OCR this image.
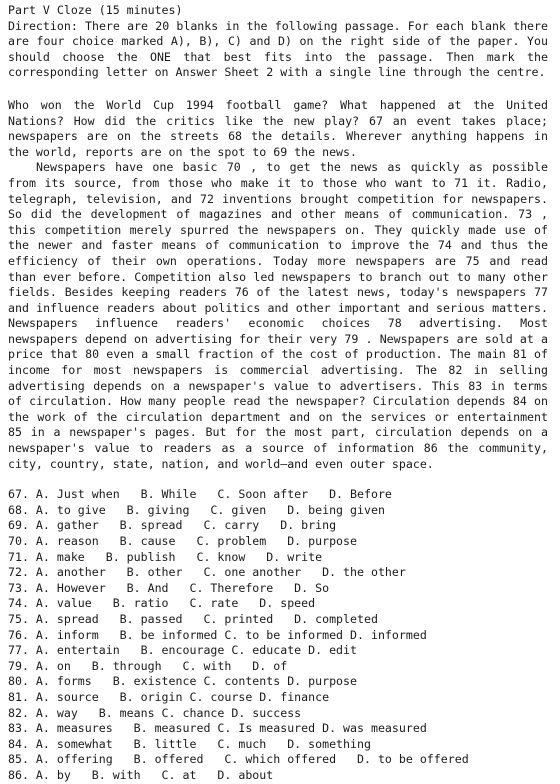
Part V Cloze (15 minutes)

Direction: There are 20 blanks in the following passage. For each blank there are four choice marked A), B), C) and D) on the right side of the paper. You should choose the ONE that best fits into the passage. Then mark the corresponding letter on Answer Sheet 2 with a single line through the centre.

Who won the World Cup 1994 football game? What happened at the United Nations? How did the critics like the new play? 67 an event takes place; newspapers are on the streets 68 the details. Wherever anything happens in the world, reports are on the spot to 69 the news.

Newspapers have one basic 70 , to get the news as quickly as possible from its source, from those who make it to those who want to 71 it. Radio, telegraph, television, and 72 inventions brought competition for newspapers. So did the development of magazines and other means of communication. 73 , this competition merely spurred the newspapers on. They quickly made use of the newer and faster means of communication to improve the 74 and thus the efficiency of their own operations. Today more newspapers are 75 and read than ever before. Competition also led newspapers to branch out to many other fields. Besides keeping readers 76 of the latest news, today's newspapers 77 and influence readers about politics and other important and serious matters. Newspapers influence readers' economic choices 78 advertising. Most newspapers depend on advertising for their very 79 . Newspapers are sold at a price that 80 even a small fraction of the cost of production. The main 81 of income for most newspapers is commercial advertising. The 82 in selling advertising depends on a newspaper's value to advertisers. This 83 in terms of circulation. How many people read the newspaper? Circulation depends 84 on the work of the circulation department and on the services or entertainment 85 in a newspaper's pages. But for the most part, circulation depends on a newspaper's value to readers as a source of information 86 the community, city, country, state, nation, and world—and even outer space.

67. A. Just when   B. While   C. Soon after   D. Before
68. A. to give   B. giving   C. given   D. being given
69. A. gather   B. spread   C. carry   D. bring
70. A. reason   B. cause   C. problem   D. purpose
71. A. make   B. publish   C. know   D. write
72. A. another   B. other   C. one another   D. the other
73. A. However   B. And   C. Therefore   D. So
74. A. value   B. ratio   C. rate   D. speed
75. A. spread   B. passed   C. printed   D. completed
76. A. inform   B. be informed C. to be informed D. informed
77. A. entertain   B. encourage C. educate D. edit
79. A. on   B. through   C. with   D. of
80. A. forms   B. existence C. contents D. purpose
81. A. source   B. origin C. course D. finance
82. A. way   B. means C. chance D. success
83. A. measures   B. measured C. Is measured D. was measured
84. A. somewhat   B. little   C. much   D. something
85. A. offering   B. offered   C. which offered   D. to be offered
86. A. by   B. with   C. at   D. about
